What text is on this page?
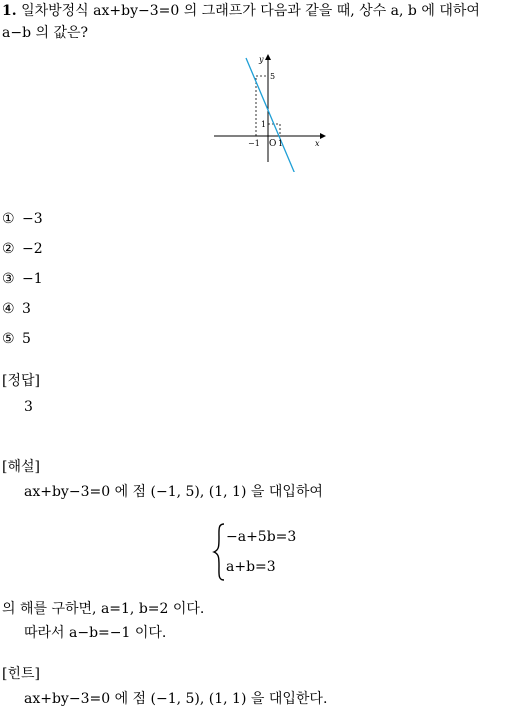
1. 일차방정식 ax+by−3=0 의 그래프가 다음과 같을 때, 상수 a, b 에 대하여
a−b 의 값은?
y
x
O
−1 1
5
1
① −3
② −2
③ −1
④ 3
⑤ 5
[정답]
3
[해설]
ax+by−3=0 에 점 (−1, 5), (1, 1) 을 대입하여
−a+5b=3
a+b=3
의 해를 구하면, a=1, b=2 이다.
따라서 a−b=−1 이다.
[힌트]
ax+by−3=0 에 점 (−1, 5), (1, 1) 을 대입한다.
